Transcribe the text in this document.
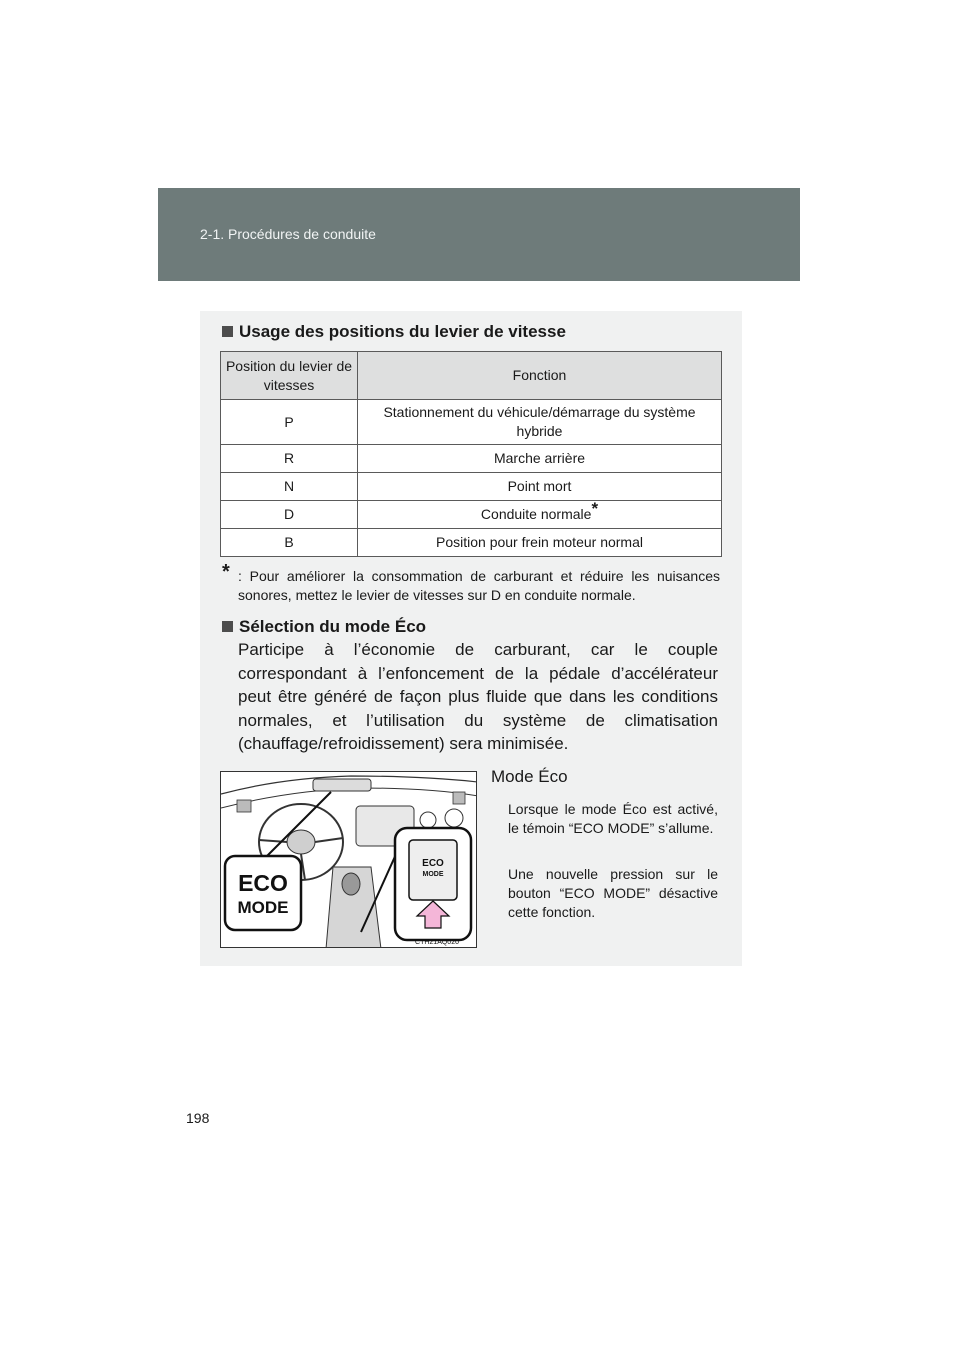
2-1. Procédures de conduite
Usage des positions du levier de vitesse
Position du levier de vitesses	Fonction
P	Stationnement du véhicule/démarrage du système hybride
R	Marche arrière
N	Point mort
D	Conduite normale*
B	Position pour frein moteur normal
* : Pour améliorer la consommation de carburant et réduire les nuisances sonores, mettez le levier de vitesses sur D en conduite normale.
Sélection du mode Éco
Participe à l’économie de carburant, car le couple correspondant à l’enfoncement de la pédale d’accélérateur peut être généré de façon plus fluide que dans les conditions normales, et l’utilisation du système de climatisation (chauffage/refroidissement) sera minimisée.
ECO
MODE
ECO
MODE
CTH21AQ020
Mode Éco
Lorsque le mode Éco est activé, le témoin “ECO MODE” s’allume.
Une nouvelle pression sur le bouton “ECO MODE” désactive cette fonction.
198
